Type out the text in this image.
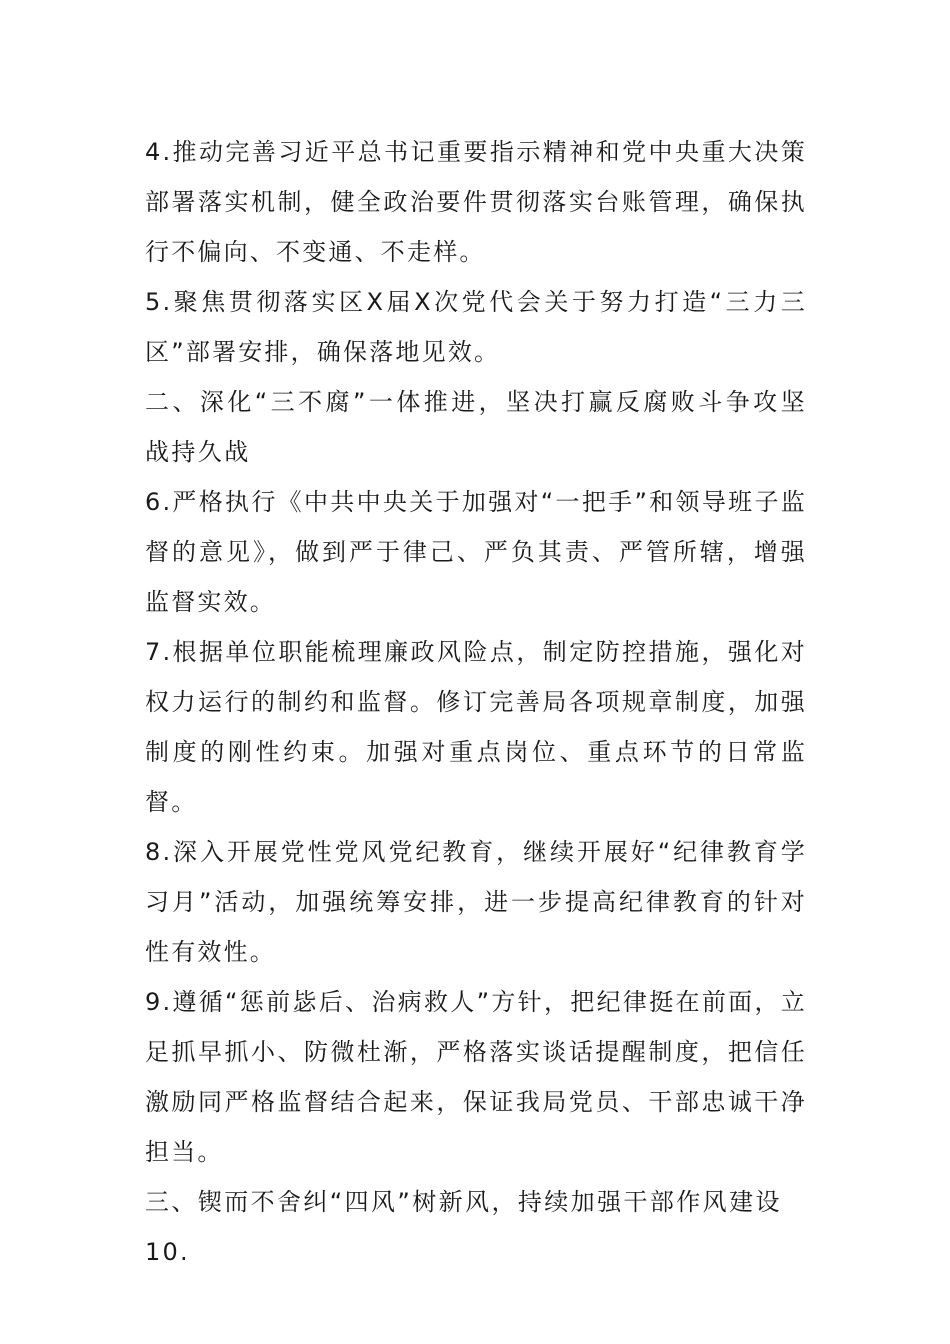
4.推动完善习近平总书记重要指示精神和党中央重大决策部署落实机制，健全政治要件贯彻落实台账管理，确保执行不偏向、不变通、不走样。

5.聚焦贯彻落实区X届X次党代会关于努力打造“三力三区”部署安排，确保落地见效。

二、深化“三不腐”一体推进，坚决打赢反腐败斗争攻坚战持久战

6.严格执行《中共中央关于加强对“一把手”和领导班子监督的意见》，做到严于律己、严负其责、严管所辖，增强监督实效。

7.根据单位职能梳理廉政风险点，制定防控措施，强化对权力运行的制约和监督。修订完善局各项规章制度，加强制度的刚性约束。加强对重点岗位、重点环节的日常监督。

8.深入开展党性党风党纪教育，继续开展好“纪律教育学习月”活动，加强统筹安排，进一步提高纪律教育的针对性有效性。

9.遵循“惩前毖后、治病救人”方针，把纪律挺在前面，立足抓早抓小、防微杜渐，严格落实谈话提醒制度，把信任激励同严格监督结合起来，保证我局党员、干部忠诚干净担当。

三、锲而不舍纠“四风”树新风，持续加强干部作风建设

10.
